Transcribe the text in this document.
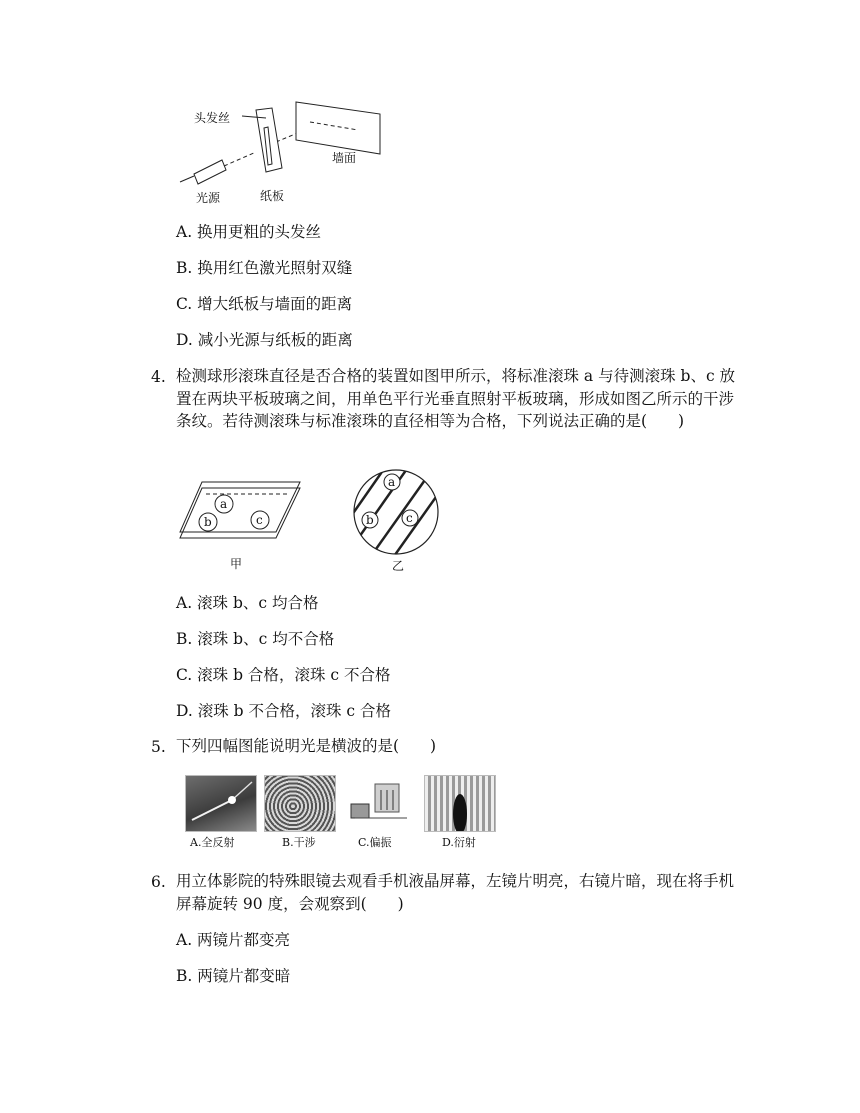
头发丝
光源	纸板
墙面
A. 换用更粗的头发丝
B. 换用红色激光照射双缝
C. 增大纸板与墙面的距离
D. 减小光源与纸板的距离
4. 检测球形滚珠直径是否合格的装置如图甲所示，将标准滚珠 a 与待测滚珠 b、c 放置在两块平板玻璃之间，用单色平行光垂直照射平板玻璃，形成如图乙所示的干涉条纹。若待测滚珠与标准滚珠的直径相等为合格，下列说法正确的是(　　)
a
b	c
甲
a
b	c
乙
A. 滚珠 b、c 均合格
B. 滚珠 b、c 均不合格
C. 滚珠 b 合格，滚珠 c 不合格
D. 滚珠 b 不合格，滚珠 c 合格
5. 下列四幅图能说明光是横波的是(　　)
A.全反射	B.干涉	C.偏振	D.衍射
6. 用立体影院的特殊眼镜去观看手机液晶屏幕，左镜片明亮，右镜片暗，现在将手机屏幕旋转 90 度，会观察到(　　)
A. 两镜片都变亮
B. 两镜片都变暗
